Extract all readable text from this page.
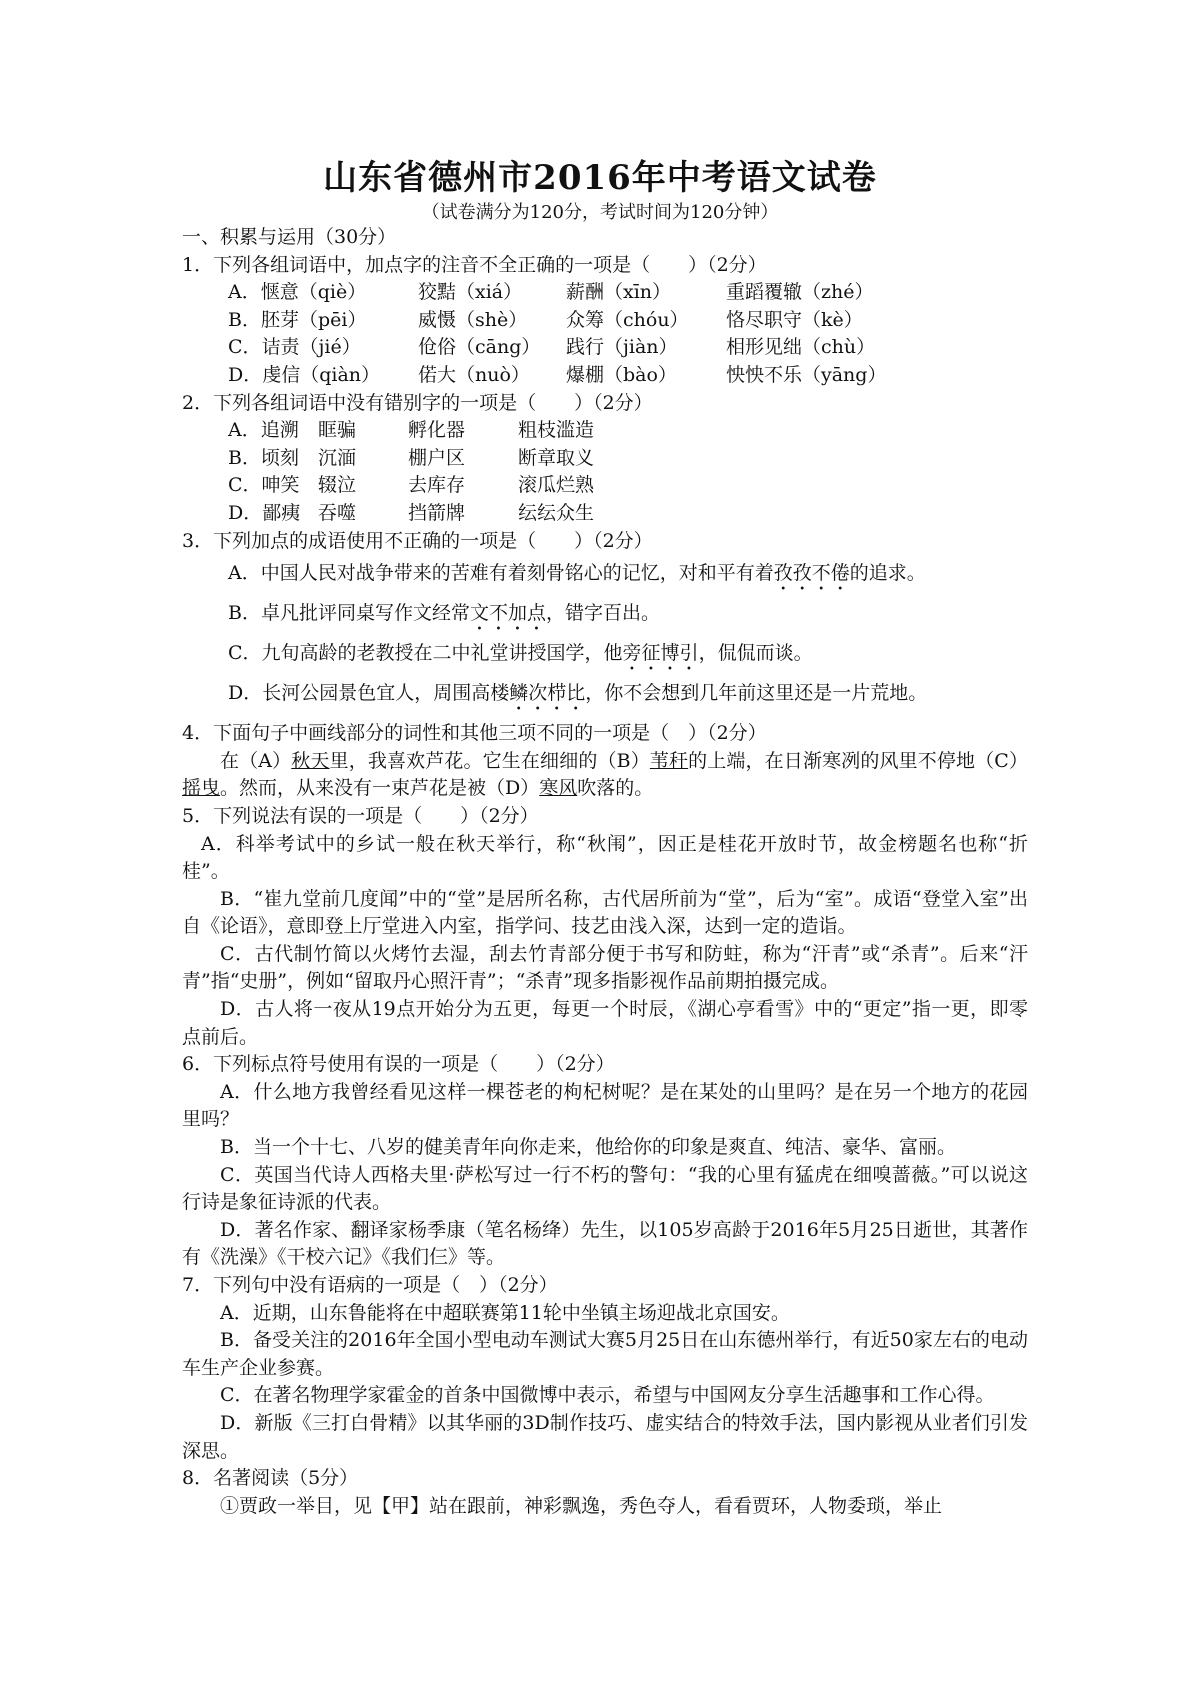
山东省德州市2016年中考语文试卷
（试卷满分为120分，考试时间为120分钟）

一、积累与运用（30分）

1．下列各组词语中，加点字的注音不全正确的一项是（　　）（2分）

A．惬意（qiè）	狡黠（xiá） 薪酬（xīn）	重蹈覆辙（zhé）

B．胚芽（pēi）	威慑（shè） 众筹（chóu） 恪尽职守（kè）

C．诘责（jié）	伧俗（cāng） 践行（jiàn）	相形见绌（chù）

D．虔信（qiàn） 偌大（nuò） 爆棚（bào）	怏怏不乐（yāng）

2．下列各组词语中没有错别字的一项是（　　）（2分）

A．追溯 眶骗	孵化器	粗枝滥造

B．顷刻 沉湎	棚户区	断章取义

C．呻笑 辍泣	去库存	滚瓜烂熟

D．鄙痍 吞噬	挡箭牌	纭纭众生

3．下列加点的成语使用不正确的一项是（　　）（2分）

A．中国人民对战争带来的苦难有着刻骨铭心的记忆，对和平有着孜孜不倦的追求。

B．卓凡批评同桌写作文经常文不加点，错字百出。

C．九旬高龄的老教授在二中礼堂讲授国学，他旁征博引，侃侃而谈。

D．长河公园景色宜人，周围高楼鳞次栉比，你不会想到几年前这里还是一片荒地。

4．下面句子中画线部分的词性和其他三项不同的一项是（　）（2分）

在（A）秋天里，我喜欢芦花。它生在细细的（B）苇秆的上端，在日渐寒冽的风里不停地（C）摇曳。然而，从来没有一束芦花是被（D）寒风吹落的。

5．下列说法有误的一项是（　　）（2分）

A．科举考试中的乡试一般在秋天举行，称“秋闱”，因正是桂花开放时节，故金榜题名也称“折桂”。

B．“崔九堂前几度闻”中的“堂”是居所名称，古代居所前为“堂”，后为“室”。成语“登堂入室”出自《论语》，意即登上厅堂进入内室，指学问、技艺由浅入深，达到一定的造诣。

C．古代制竹简以火烤竹去湿，刮去竹青部分便于书写和防蛀，称为“汗青”或“杀青”。后来“汗青”指“史册”，例如“留取丹心照汗青”；“杀青”现多指影视作品前期拍摄完成。

D．古人将一夜从19点开始分为五更，每更一个时辰，《湖心亭看雪》中的“更定”指一更，即零点前后。

6．下列标点符号使用有误的一项是（　　）（2分）

A．什么地方我曾经看见这样一棵苍老的枸杞树呢？是在某处的山里吗？是在另一个地方的花园里吗？

B．当一个十七、八岁的健美青年向你走来，他给你的印象是爽直、纯洁、豪华、富丽。

C．英国当代诗人西格夫里·萨松写过一行不朽的警句：“我的心里有猛虎在细嗅蔷薇。”可以说这行诗是象征诗派的代表。

D．著名作家、翻译家杨季康（笔名杨绛）先生，以105岁高龄于2016年5月25日逝世，其著作有《洗澡》《干校六记》《我们仨》等。

7．下列句中没有语病的一项是（　）（2分）

A．近期，山东鲁能将在中超联赛第11轮中坐镇主场迎战北京国安。

B．备受关注的2016年全国小型电动车测试大赛5月25日在山东德州举行，有近50家左右的电动车生产企业参赛。

C．在著名物理学家霍金的首条中国微博中表示，希望与中国网友分享生活趣事和工作心得。

D．新版《三打白骨精》以其华丽的3D制作技巧、虚实结合的特效手法，国内影视从业者们引发深思。

8．名著阅读（5分）

①贾政一举目，见【甲】站在跟前，神彩飘逸，秀色夺人，看看贾环，人物委琐，举止
